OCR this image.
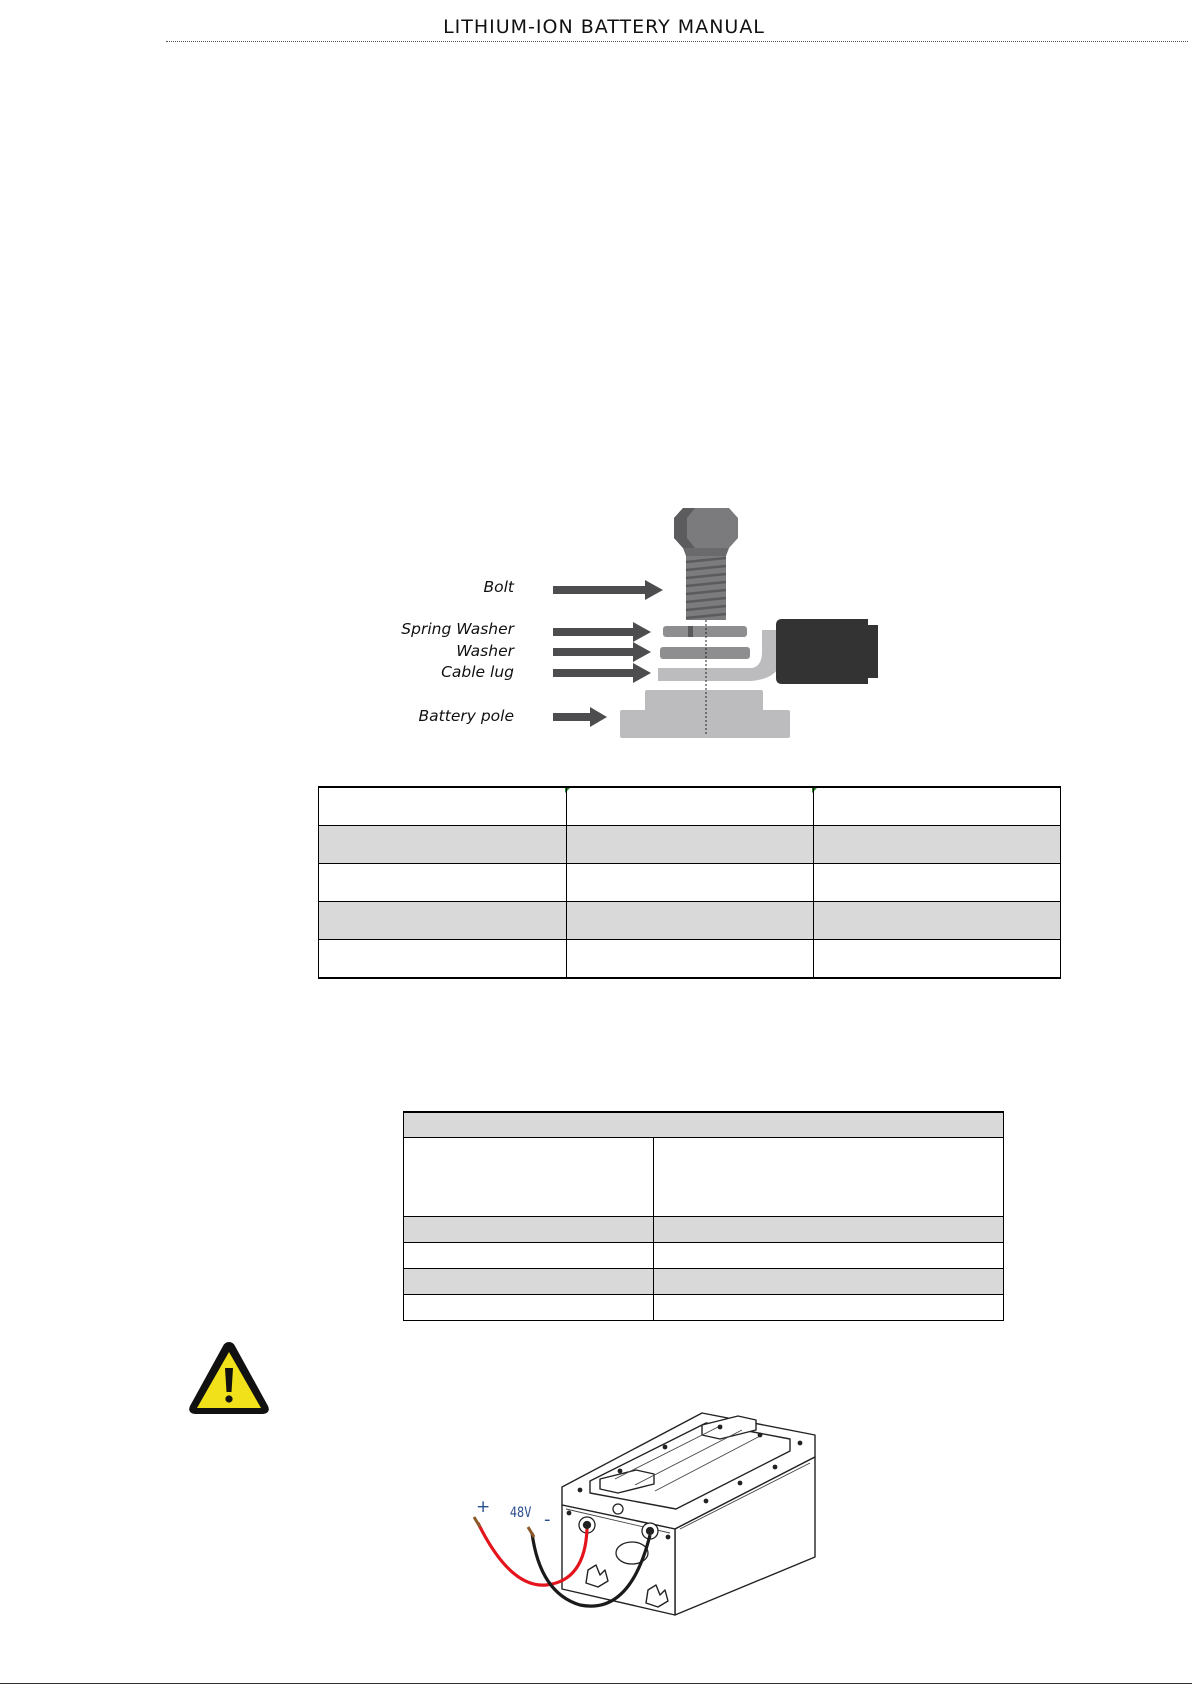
LITHIUM-ION BATTERY MANUAL
Bolt
Spring Washer
Washer
Cable lug
Battery pole

+ 48V -
